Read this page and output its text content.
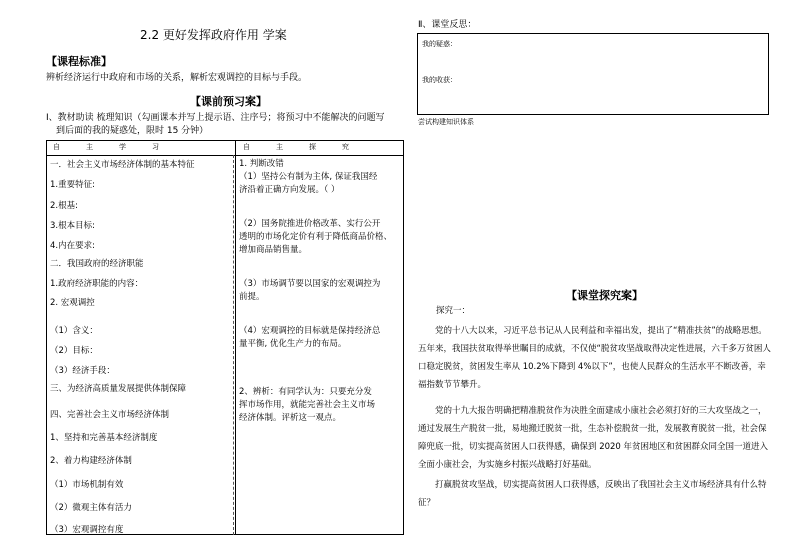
2.2 更好发挥政府作用 学案
【课程标准】
辨析经济运行中政府和市场的关系，解析宏观调控的目标与手段。
【课前预习案】
Ⅰ、教材助读 梳理知识（勾画课本并写上提示语、注序号；将预习中不能解决的问题写
到后面的我的疑惑处，限时 15 分钟）
自主学习	自主探究
一．社会主义市场经济体制的基本特征
1.重要特征:
2.根基:
3.根本目标:
4.内在要求:
二．我国政府的经济职能
1.政府经济职能的内容：
2. 宏观调控
（1）含义：
（2）目标：
（3）经济手段：
三、为经济高质量发展提供体制保障
四、完善社会主义市场经济体制
1、坚持和完善基本经济制度
2、着力构建经济体制
（1）市场机制有效
（2）微观主体有活力
（3）宏观调控有度
1. 判断改错
（1）坚持公有制为主体, 保证我国经
济沿着正确方向发展。（ ）
（2）国务院推进价格改革、实行公开
透明的市场化定价有利于降低商品价格、
增加商品销售量。
（3）市场调节要以国家的宏观调控为
前提。
（4）宏观调控的目标就是保持经济总
量平衡, 优化生产力的布局。
2、辨析：有同学认为：只要充分发
挥市场作用，就能完善社会主义市场
经济体制。评析这一观点。
Ⅱ、课堂反思：
我的疑惑：
我的收获：
尝试构建知识体系
【课堂探究案】
探究一：

党的十八大以来，习近平总书记从人民利益和幸福出发，提出了“精准扶贫”的战略思想。五年来，我国扶贫取得举世瞩目的成就，不仅使“脱贫攻坚战取得决定性进展，六千多万贫困人口稳定脱贫，贫困发生率从 10.2%下降到 4%以下”，也使人民群众的生活水平不断改善，幸福指数节节攀升。

党的十九大报告明确把精准脱贫作为决胜全面建成小康社会必须打好的三大攻坚战之一，通过发展生产脱贫一批，易地搬迁脱贫一批，生态补偿脱贫一批，发展教育脱贫一批，社会保障兜底一批，切实提高贫困人口获得感，确保到 2020 年贫困地区和贫困群众同全国一道进入全面小康社会，为实施乡村振兴战略打好基础。

打赢脱贫攻坚战，切实提高贫困人口获得感，反映出了我国社会主义市场经济具有什么特征？
